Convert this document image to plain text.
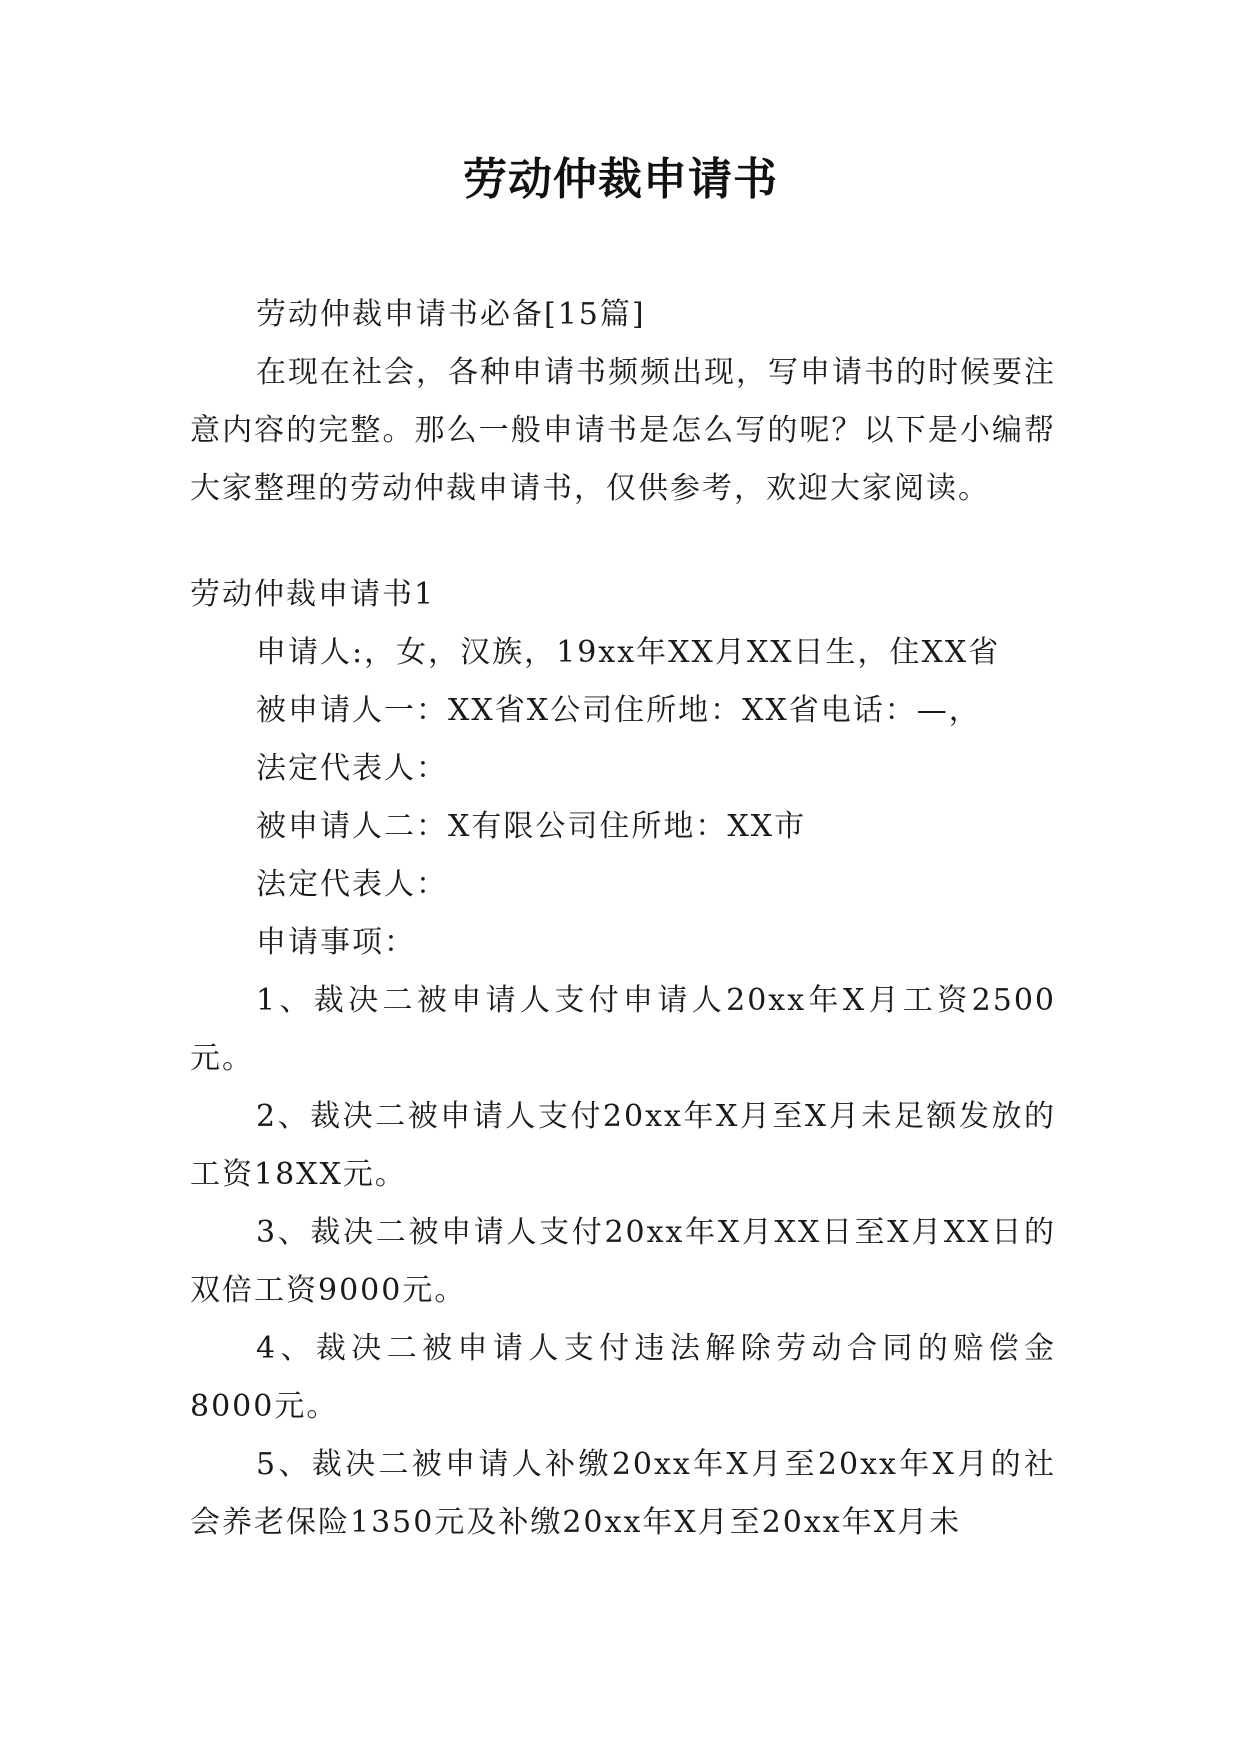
劳动仲裁申请书

劳动仲裁申请书必备[15篇]

在现在社会，各种申请书频频出现，写申请书的时候要注意内容的完整。那么一般申请书是怎么写的呢？以下是小编帮大家整理的劳动仲裁申请书，仅供参考，欢迎大家阅读。

劳动仲裁申请书1

申请人:，女，汉族，19xx年XX月XX日生，住XX省

被申请人一：XX省X公司住所地：XX省电话：—，

法定代表人：

被申请人二：X有限公司住所地：XX市

法定代表人：

申请事项：

1、裁决二被申请人支付申请人20xx年X月工资2500元。

2、裁决二被申请人支付20xx年X月至X月未足额发放的工资18XX元。

3、裁决二被申请人支付20xx年X月XX日至X月XX日的双倍工资9000元。

4、裁决二被申请人支付违法解除劳动合同的赔偿金8000元。

5、裁决二被申请人补缴20xx年X月至20xx年X月的社会养老保险1350元及补缴20xx年X月至20xx年X月未
